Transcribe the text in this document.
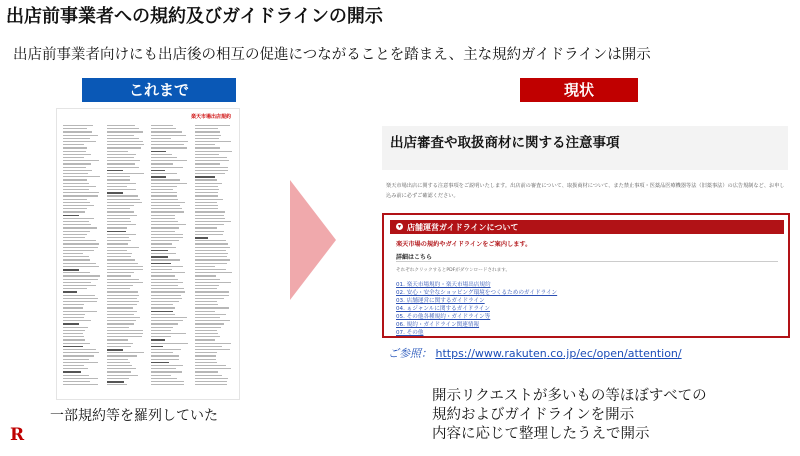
出店前事業者への規約及びガイドラインの開示
出店前事業者向けにも出店後の相互の促進につながることを踏まえ、主な規約ガイドラインは開示
これまで	現状
楽天市場出店規約
出店審査や取扱商材に関する注意事項
楽天市場出店に関する注意事項をご説明いたします。出店前の審査について、取扱商材について、また禁止事項・医薬品医療機器等法（旧薬事法）の広告規制など、お申し込み前に必ずご確認ください。
▾ 店舗運営ガイドラインについて
楽天市場の規約やガイドラインをご案内します。
詳細はこちら
それぞれクリックするとPDFがダウンロードされます。
01. 楽天市場規約・楽天市場出店規約
02. 安心・安全なショッピング環境をつくるためのガイドライン
03. 店舗運営に関するガイドライン
04. ぁジャンルに関するガイドライン
05. その他各種規約・ガイドライン等
06. 規約・ガイドライン関連情報
07. その他
ご参照： https://www.rakuten.co.jp/ec/open/attention/
一部規約等を羅列していた
開示リクエストが多いもの等ほぼすべての
規約およびガイドラインを開示
内容に応じて整理したうえで開示
R
